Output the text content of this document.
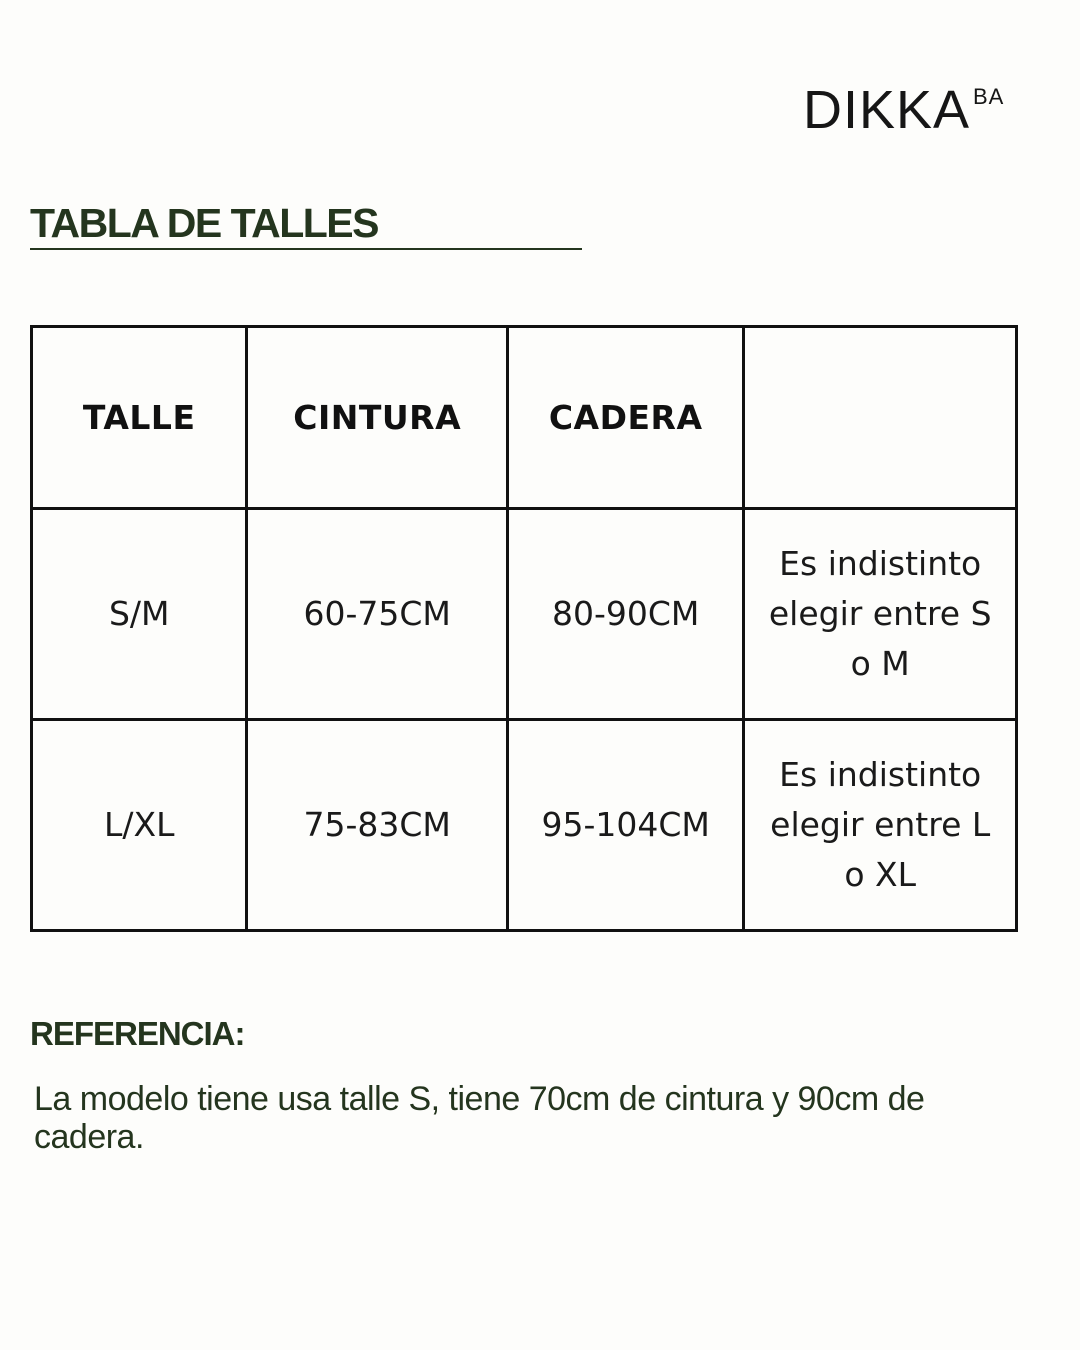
DIKKA BA
TABLA DE TALLES
TALLE	CINTURA	CADERA	
S/M	60-75CM	80-90CM	Es indistinto elegir entre S o M
L/XL	75-83CM	95-104CM	Es indistinto elegir entre L o XL
REFERENCIA:

La modelo tiene usa talle S, tiene 70cm de cintura y 90cm de cadera.
